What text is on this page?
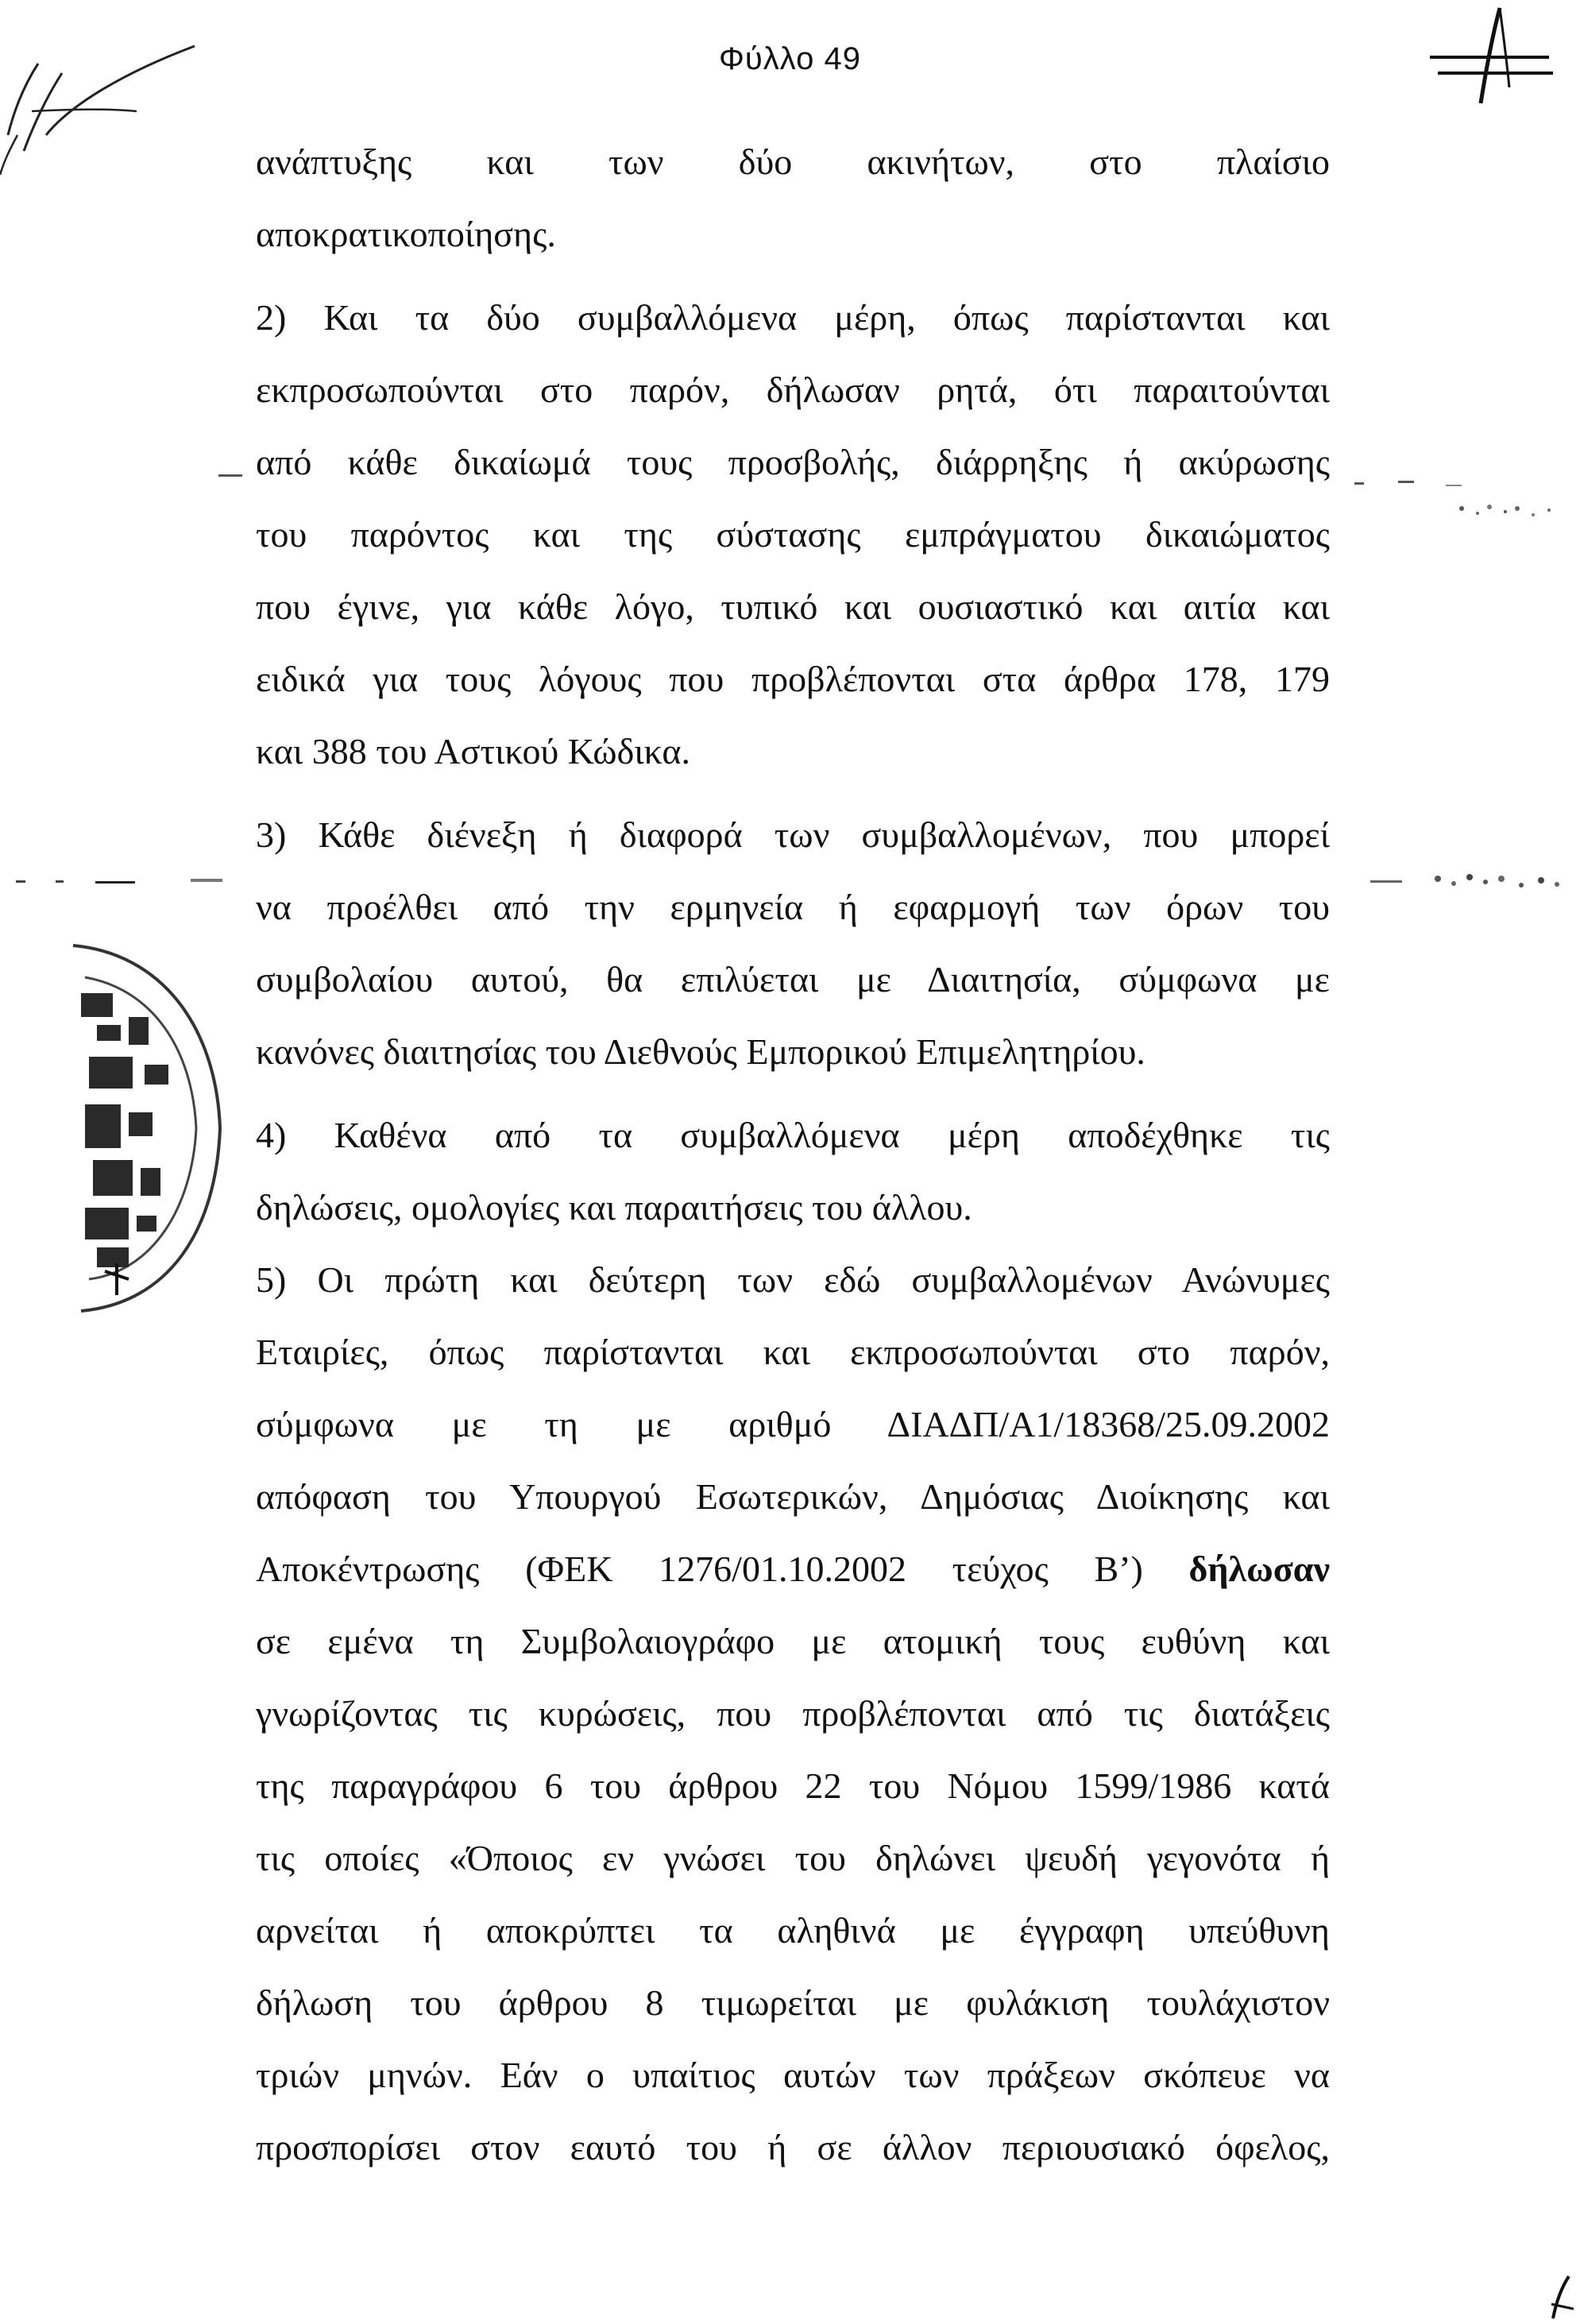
Φύλλο 49
ανάπτυξης και των δύο ακινήτων, στο πλαίσιο
αποκρατικοποίησης.
2) Και τα δύο συμβαλλόμενα μέρη, όπως παρίστανται και
εκπροσωπούνται στο παρόν, δήλωσαν ρητά, ότι παραιτούνται
από κάθε δικαίωμά τους προσβολής, διάρρηξης ή ακύρωσης
του παρόντος και της σύστασης εμπράγματου δικαιώματος
που έγινε, για κάθε λόγο, τυπικό και ουσιαστικό και αιτία και
ειδικά για τους λόγους που προβλέπονται στα άρθρα 178, 179
και 388 του Αστικού Κώδικα.
3) Κάθε διένεξη ή διαφορά των συμβαλλομένων, που μπορεί
να προέλθει από την ερμηνεία ή εφαρμογή των όρων του
συμβολαίου αυτού, θα επιλύεται με Διαιτησία, σύμφωνα με
κανόνες διαιτησίας του Διεθνούς Εμπορικού Επιμελητηρίου.
4) Καθένα από τα συμβαλλόμενα μέρη αποδέχθηκε τις
δηλώσεις, ομολογίες και παραιτήσεις του άλλου.
5) Οι πρώτη και δεύτερη των εδώ συμβαλλομένων Ανώνυμες
Εταιρίες, όπως παρίστανται και εκπροσωπούνται στο παρόν,
σύμφωνα με τη με αριθμό ΔΙΑΔΠ/Α1/18368/25.09.2002
απόφαση του Υπουργού Εσωτερικών, Δημόσιας Διοίκησης και
Αποκέντρωσης (ΦΕΚ 1276/01.10.2002 τεύχος Β’) δήλωσαν
σε εμένα τη Συμβολαιογράφο με ατομική τους ευθύνη και
γνωρίζοντας τις κυρώσεις, που προβλέπονται από τις διατάξεις
της παραγράφου 6 του άρθρου 22 του Νόμου 1599/1986 κατά
τις οποίες «Όποιος εν γνώσει του δηλώνει ψευδή γεγονότα ή
αρνείται ή αποκρύπτει τα αληθινά με έγγραφη υπεύθυνη
δήλωση του άρθρου 8 τιμωρείται με φυλάκιση τουλάχιστον
τριών μηνών. Εάν ο υπαίτιος αυτών των πράξεων σκόπευε να
προσπορίσει στον εαυτό του ή σε άλλον περιουσιακό όφελος,
